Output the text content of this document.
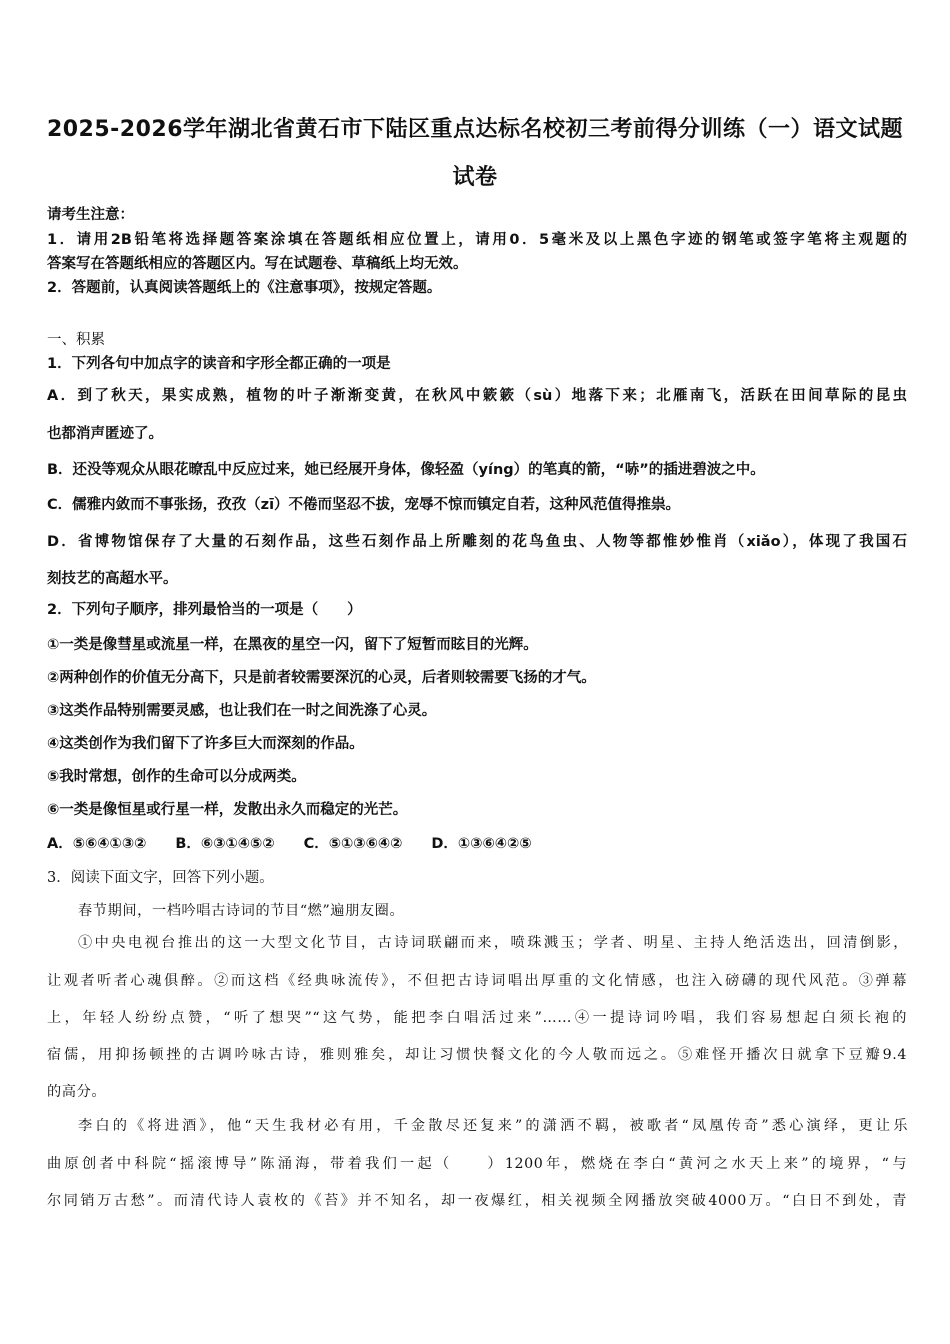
2025-2026学年湖北省黄石市下陆区重点达标名校初三考前得分训练（一）语文试题
试卷
请考生注意：
1．请用2B铅笔将选择题答案涂填在答题纸相应位置上，请用0．5毫米及以上黑色字迹的钢笔或签字笔将主观题的
答案写在答题纸相应的答题区内。写在试题卷、草稿纸上均无效。
2．答题前，认真阅读答题纸上的《注意事项》，按规定答题。
一、积累
1．下列各句中加点字的读音和字形全都正确的一项是
A．到了秋天，果实成熟，植物的叶子渐渐变黄，在秋风中簌簌（sù）地落下来；北雁南飞，活跃在田间草际的昆虫
也都消声匿迹了。
B．还没等观众从眼花暸乱中反应过来，她已经展开身体，像轻盈（yíng）的笔真的箭，“哧”的插进碧波之中。
C．儒雅内敛而不事张扬，孜孜（zī）不倦而坚忍不拔，宠辱不惊而镇定自若，这种风范值得推祟。
D．省博物馆保存了大量的石刻作品，这些石刻作品上所雕刻的花鸟鱼虫、人物等都惟妙惟肖（xiǎo），体现了我国石
刻技艺的高超水平。
2．下列句子顺序，排列最恰当的一项是（　　）
①一类是像彗星或流星一样，在黑夜的星空一闪，留下了短暂而眩目的光辉。
②两种创作的价值无分高下，只是前者较需要深沉的心灵，后者则较需要飞扬的才气。
③这类作品特别需要灵感，也让我们在一时之间洗涤了心灵。
④这类创作为我们留下了许多巨大而深刻的作品。
⑤我时常想，创作的生命可以分成两类。
⑥一类是像恒星或行星一样，发散出永久而稳定的光芒。
A．⑤⑥④①③②　　B．⑥③①④⑤②　　C．⑤①③⑥④②　　D．①③⑥④②⑤
3．阅读下面文字，回答下列小题。
春节期间，一档吟唱古诗词的节目“燃”遍朋友圈。
①中央电视台推出的这一大型文化节目，古诗词联翩而来，喷珠溅玉；学者、明星、主持人绝活迭出，回清倒影，
让观者听者心魂俱醉。②而这档《经典咏流传》，不但把古诗词唱出厚重的文化情感，也注入磅礴的现代风范。③弹幕
上，年轻人纷纷点赞，“听了想哭”“这气势，能把李白唱活过来”……④一提诗词吟唱，我们容易想起白须长袍的
宿儒，用抑扬顿挫的古调吟咏古诗，雅则雅矣，却让习惯快餐文化的今人敬而远之。⑤难怪开播次日就拿下豆瓣9.4
的高分。
李白的《将进酒》，他“天生我材必有用，千金散尽还复来”的潇洒不羁，被歌者“凤凰传奇”悉心演绎，更让乐
曲原创者中科院“摇滚博导”陈涌海，带着我们一起（　　）1200年，燃烧在李白“黄河之水天上来”的境界，“与
尔同销万古愁”。而清代诗人袁枚的《苔》并不知名，却一夜爆红，相关视频全网播放突破4000万。“白日不到处，青
